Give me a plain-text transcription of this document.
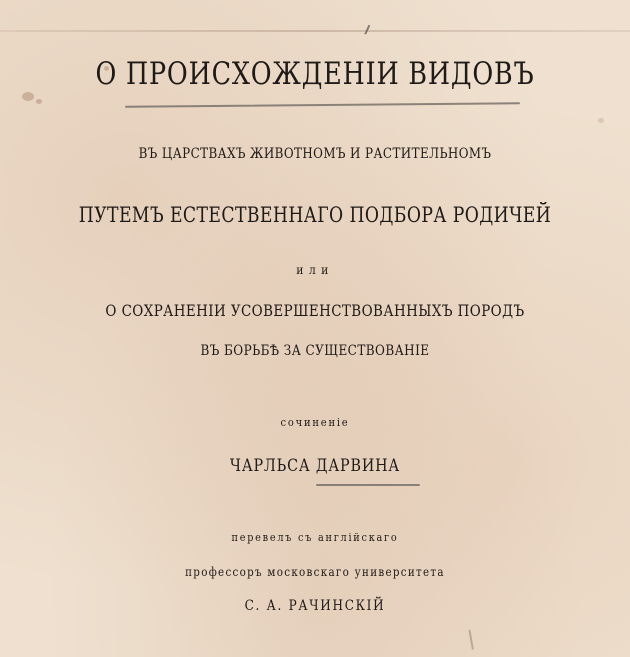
О ПРОИСХОЖДЕНІИ ВИДОВЪ
ВЪ ЦАРСТВАХЪ ЖИВОТНОМЪ И РАСТИТЕЛЬНОМЪ
ПУТЕМЪ ЕСТЕСТВЕННАГО ПОДБОРА РОДИЧЕЙ
или
О СОХРАНЕНІИ УСОВЕРШЕНСТВОВАННЫХЪ ПОРОДЪ
ВЪ БОРЬБѢ ЗА СУЩЕСТВОВАНІЕ
сочиненіе
ЧАРЛЬСА ДАРВИНА
перевелъ съ англійскаго
профессоръ московскаго университета
С. А. РАЧИНСКІЙ
